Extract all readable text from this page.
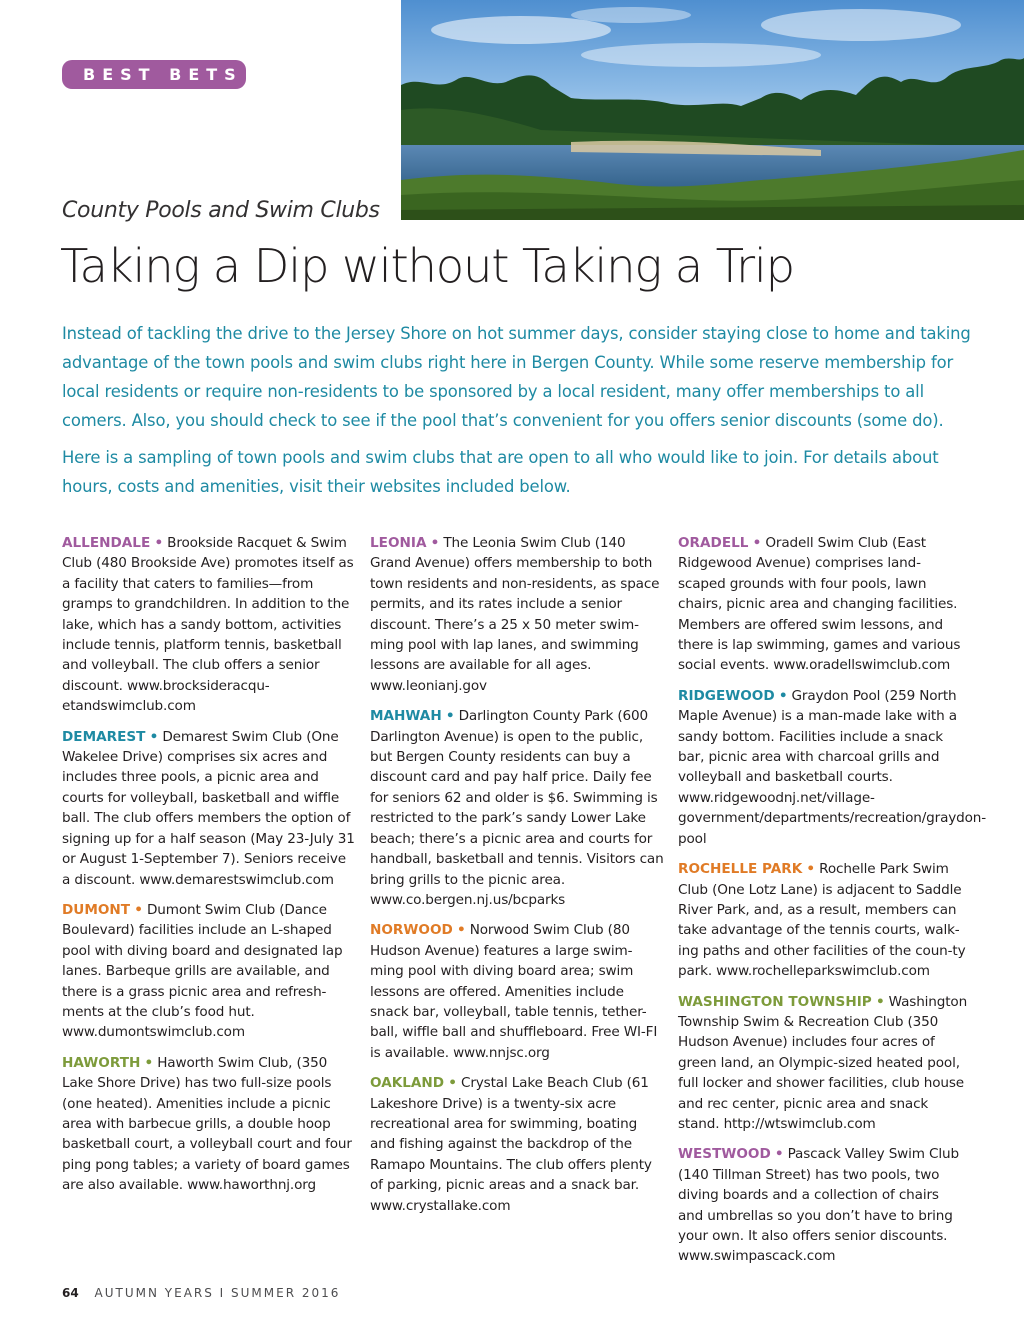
BEST BETS
County Pools and Swim Clubs
Taking a Dip without Taking a Trip

Instead of tackling the drive to the Jersey Shore on hot summer days, consider staying close to home and taking advantage of the town pools and swim clubs right here in Bergen County. While some reserve membership for local residents or require non-residents to be sponsored by a local resident, many offer memberships to all comers. Also, you should check to see if the pool that’s convenient for you offers senior discounts (some do).

Here is a sampling of town pools and swim clubs that are open to all who would like to join. For details about hours, costs and amenities, visit their websites included below.

ALLENDALE • Brookside Racquet & Swim Club (480 Brookside Ave) promotes itself as a facility that caters to families—from gramps to grandchildren. In addition to the lake, which has a sandy bottom, activities include tennis, platform tennis, basketball and volleyball. The club offers a senior discount. www.brocksideracqu-etandswimclub.com

DEMAREST • Demarest Swim Club (One Wakelee Drive) comprises six acres and includes three pools, a picnic area and courts for volleyball, basketball and wiffle ball. The club offers members the option of signing up for a half season (May 23-July 31 or August 1-September 7). Seniors receive a discount. www.demarestswimclub.com

DUMONT • Dumont Swim Club (Dance Boulevard) facilities include an L-shaped pool with diving board and designated lap lanes. Barbeque grills are available, and there is a grass picnic area and refresh-ments at the club’s food hut. www.dumontswimclub.com

HAWORTH • Haworth Swim Club, (350 Lake Shore Drive) has two full-size pools (one heated). Amenities include a picnic area with barbecue grills, a double hoop basketball court, a volleyball court and four ping pong tables; a variety of board games are also available. www.haworthnj.org

LEONIA • The Leonia Swim Club (140 Grand Avenue) offers membership to both town residents and non-residents, as space permits, and its rates include a senior discount. There’s a 25 x 50 meter swim-ming pool with lap lanes, and swimming lessons are available for all ages. www.leonianj.gov

MAHWAH • Darlington County Park (600 Darlington Avenue) is open to the public, but Bergen County residents can buy a discount card and pay half price. Daily fee for seniors 62 and older is $6. Swimming is restricted to the park’s sandy Lower Lake beach; there’s a picnic area and courts for handball, basketball and tennis. Visitors can bring grills to the picnic area. www.co.bergen.nj.us/bcparks

NORWOOD • Norwood Swim Club (80 Hudson Avenue) features a large swim-ming pool with diving board area; swim lessons are offered. Amenities include snack bar, volleyball, table tennis, tether-ball, wiffle ball and shuffleboard. Free WI-FI is available. www.nnjsc.org

OAKLAND • Crystal Lake Beach Club (61 Lakeshore Drive) is a twenty-six acre recreational area for swimming, boating and fishing against the backdrop of the Ramapo Mountains. The club offers plenty of parking, picnic areas and a snack bar. www.crystallake.com

ORADELL • Oradell Swim Club (East Ridgewood Avenue) comprises land-scaped grounds with four pools, lawn chairs, picnic area and changing facilities. Members are offered swim lessons, and there is lap swimming, games and various social events. www.oradellswimclub.com

RIDGEWOOD • Graydon Pool (259 North Maple Avenue) is a man-made lake with a sandy bottom. Facilities include a snack bar, picnic area with charcoal grills and volleyball and basketball courts. www.ridgewoodnj.net/village-government/departments/recreation/graydon-pool

ROCHELLE PARK • Rochelle Park Swim Club (One Lotz Lane) is adjacent to Saddle River Park, and, as a result, members can take advantage of the tennis courts, walk-ing paths and other facilities of the coun-ty park. www.rochelleparkswimclub.com

WASHINGTON TOWNSHIP • Washington Township Swim & Recreation Club (350 Hudson Avenue) includes four acres of green land, an Olympic-sized heated pool, full locker and shower facilities, club house and rec center, picnic area and snack stand. http://wtswimclub.com

WESTWOOD • Pascack Valley Swim Club (140 Tillman Street) has two pools, two diving boards and a collection of chairs and umbrellas so you don’t have to bring your own. It also offers senior discounts. www.swimpascack.com

64 AUTUMN YEARS I SUMMER 2016
